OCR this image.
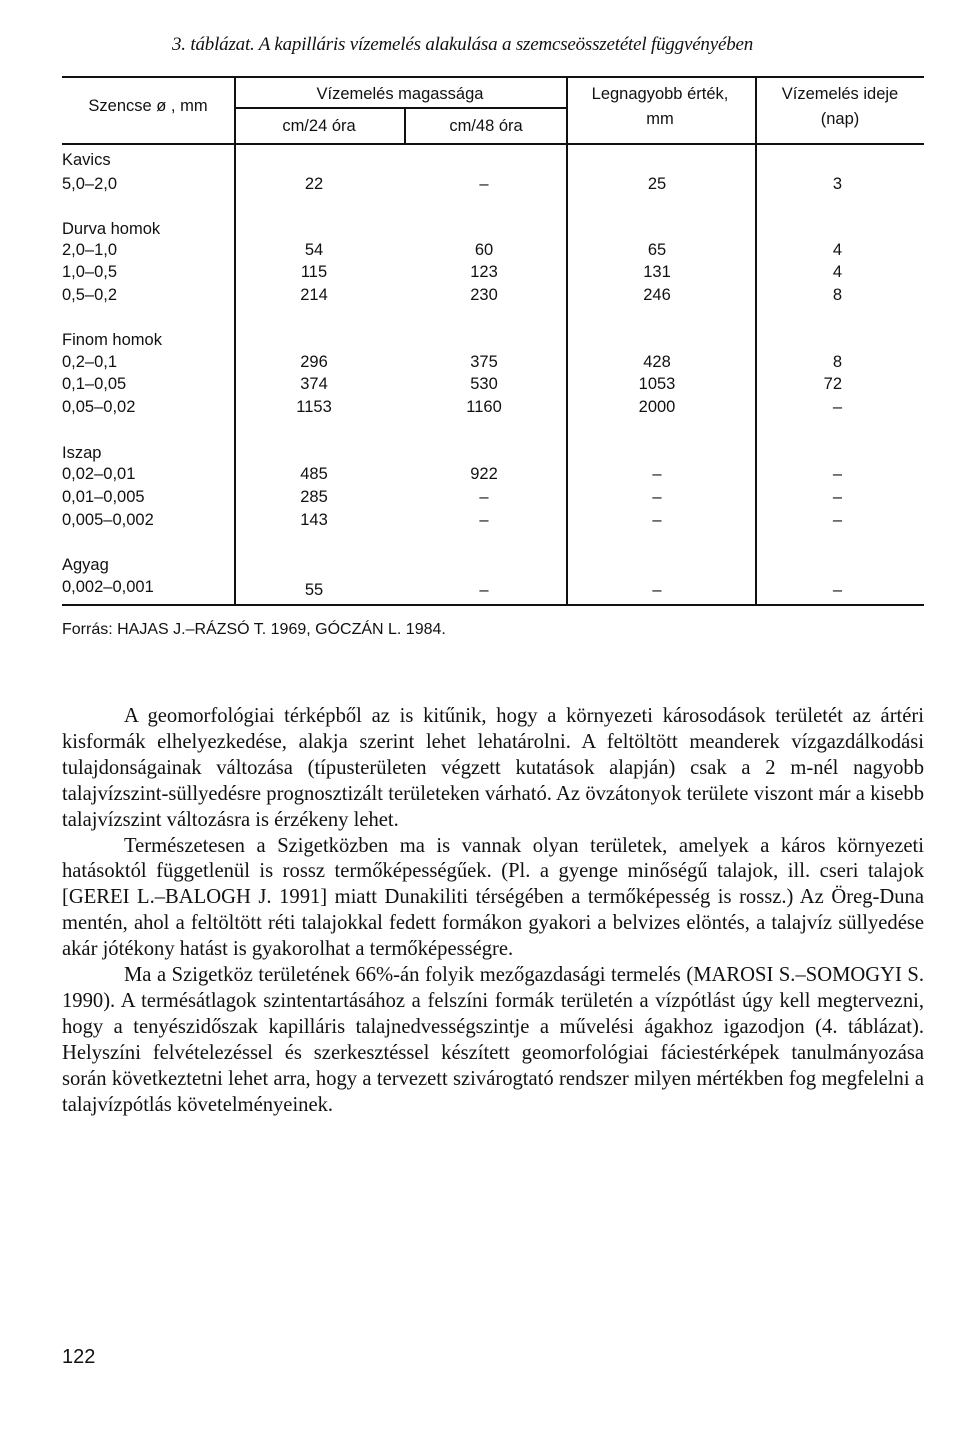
3. táblázat. A kapilláris vízemelés alakulása a szemcseösszetétel függvényében
Szencse ø , mm
Vízemelés magassága
cm/24 óra	cm/48 óra
Legnagyobb érték,
mm
Vízemelés ideje
(nap)
Kavics
5,0–2,0	22	–	25	3
Durva homok
2,0–1,0	54	60	65	4
1,0–0,5	115	123	131	4
0,5–0,2	214	230	246	8
Finom homok
0,2–0,1	296	375	428	8
0,1–0,05	374	530	1053	72
0,05–0,02	1153	1160	2000	–
Iszap
0,02–0,01	485	922	–	–
0,01–0,005	285	–	–	–
0,005–0,002	143	–	–	–
Agyag
0,002–0,001	55	–	–	–
Forrás: HAJAS J.–RÁZSÓ T. 1969, GÓCZÁN L. 1984.

A geomorfológiai térképből az is kitűnik, hogy a környezeti károsodások területét az ártéri kisformák elhelyezkedése, alakja szerint lehet lehatárolni. A feltöltött meanderek vízgazdálkodási tulajdonságainak változása (típusterületen végzett kutatások alapján) csak a 2 m-nél nagyobb talajvízszint-süllyedésre prognosztizált területeken várható. Az övzátonyok területe viszont már a kisebb talajvízszint változásra is érzékeny lehet.

Természetesen a Szigetközben ma is vannak olyan területek, amelyek a káros környezeti hatásoktól függetlenül is rossz termőképességűek. (Pl. a gyenge minőségű talajok, ill. cseri talajok [GEREI L.–BALOGH J. 1991] miatt Dunakiliti térségében a termőképesség is rossz.) Az Öreg-Duna mentén, ahol a feltöltött réti talajokkal fedett formákon gyakori a belvizes elöntés, a talajvíz süllyedése akár jótékony hatást is gyakorolhat a termőképességre.

Ma a Szigetköz területének 66%-án folyik mezőgazdasági termelés (MAROSI S.–SOMOGYI S. 1990). A termésátlagok szintentartásához a felszíni formák területén a vízpótlást úgy kell megtervezni, hogy a tenyészidőszak kapilláris talajnedvességszintje a művelési ágakhoz igazodjon (4. táblázat). Helyszíni felvételezéssel és szerkesztéssel készített geomorfológiai fáciestérképek tanulmányozása során következtetni lehet arra, hogy a tervezett szivárogtató rendszer milyen mértékben fog megfelelni a talajvízpótlás követelményeinek.

122
